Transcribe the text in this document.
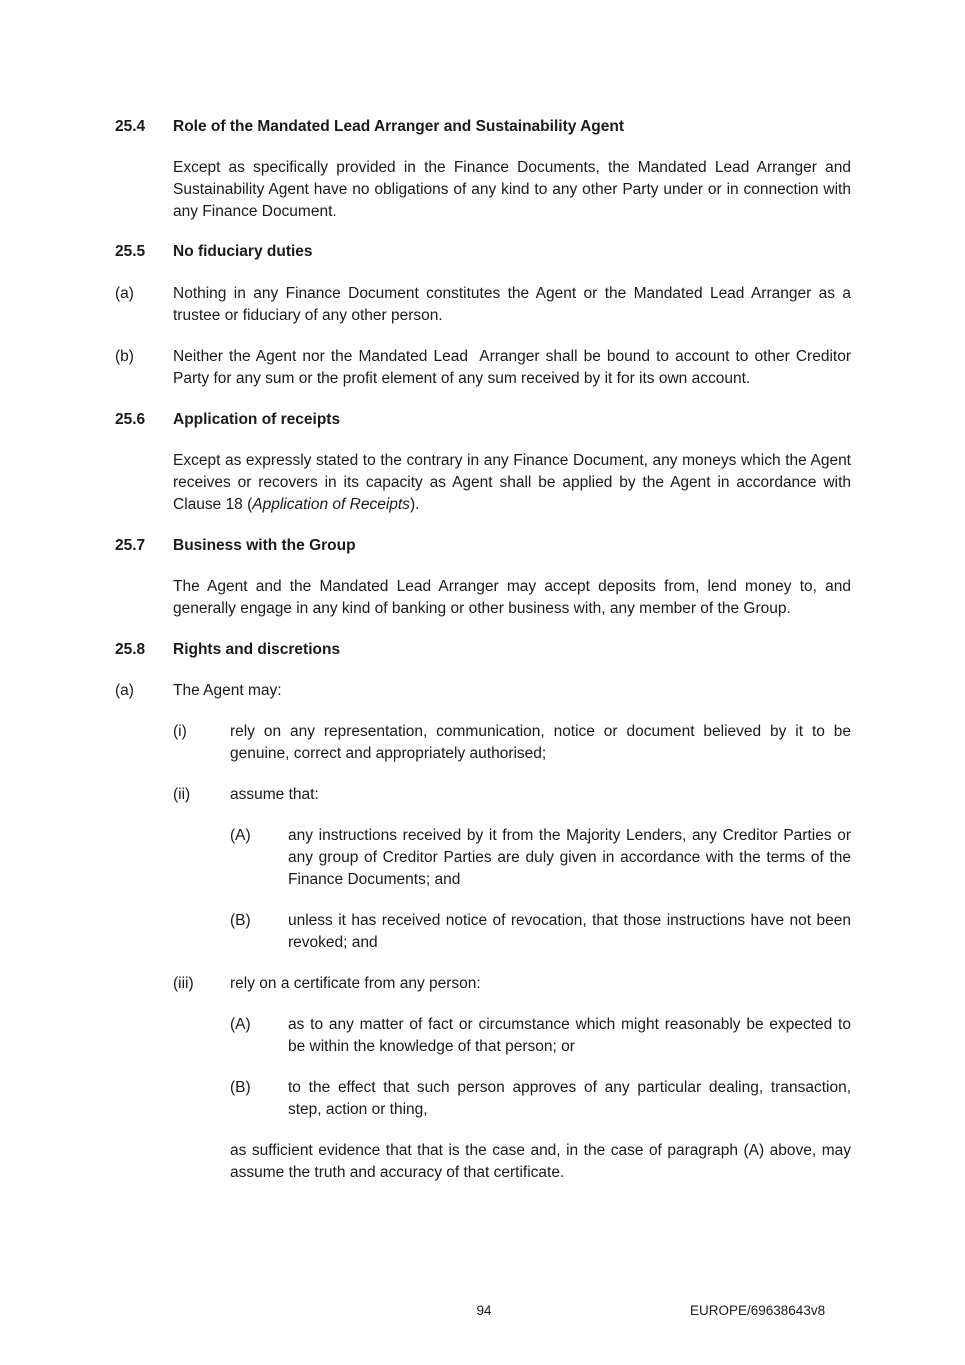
25.4 Role of the Mandated Lead Arranger and Sustainability Agent
Except as specifically provided in the Finance Documents, the Mandated Lead Arranger and Sustainability Agent have no obligations of any kind to any other Party under or in connection with any Finance Document.
25.5 No fiduciary duties
(a)	Nothing in any Finance Document constitutes the Agent or the Mandated Lead Arranger as a trustee or fiduciary of any other person.
(b)	Neither the Agent nor the Mandated Lead  Arranger shall be bound to account to other Creditor Party for any sum or the profit element of any sum received by it for its own account.
25.6 Application of receipts
Except as expressly stated to the contrary in any Finance Document, any moneys which the Agent receives or recovers in its capacity as Agent shall be applied by the Agent in accordance with Clause 18 (Application of Receipts).
25.7 Business with the Group
The Agent and the Mandated Lead Arranger may accept deposits from, lend money to, and generally engage in any kind of banking or other business with, any member of the Group.
25.8 Rights and discretions
(a)	The Agent may:
(i)	rely on any representation, communication, notice or document believed by it to be genuine, correct and appropriately authorised;
(ii)	assume that:
(A) any instructions received by it from the Majority Lenders, any Creditor Parties or any group of Creditor Parties are duly given in accordance with the terms of the Finance Documents; and
(B) unless it has received notice of revocation, that those instructions have not been revoked; and
(iii) rely on a certificate from any person:
(A) as to any matter of fact or circumstance which might reasonably be expected to be within the knowledge of that person; or
(B) to the effect that such person approves of any particular dealing, transaction, step, action or thing,
as sufficient evidence that that is the case and, in the case of paragraph (A) above, may assume the truth and accuracy of that certificate.
94	EUROPE/69638643v8
